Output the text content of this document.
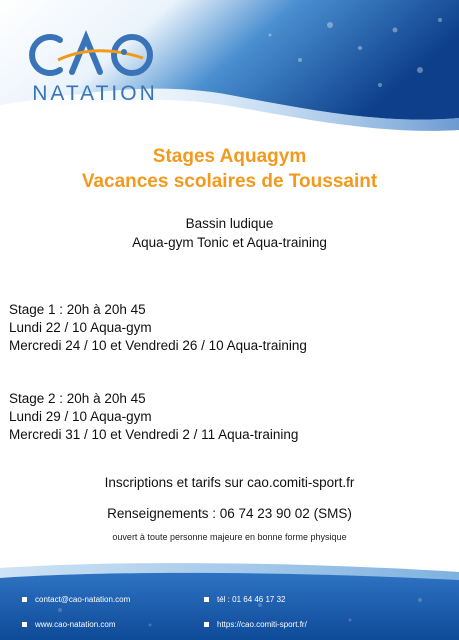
NATATION
Stages Aquagym
Vacances scolaires de Toussaint
Bassin ludique
Aqua-gym Tonic et Aqua-training
Stage 1 : 20h à 20h 45
Lundi 22 / 10 Aqua-gym
Mercredi 24 / 10 et Vendredi 26 / 10 Aqua-training
Stage 2 : 20h à 20h 45
Lundi 29 / 10 Aqua-gym
Mercredi 31 / 10 et Vendredi 2 / 11 Aqua-training
Inscriptions et tarifs sur cao.comiti-sport.fr
Renseignements : 06 74 23 90 02 (SMS)
ouvert à toute personne majeure en bonne forme physique
contact@cao-natation.com	tél : 01 64 46 17 32
www.cao-natation.com	https://cao.comiti-sport.fr/
